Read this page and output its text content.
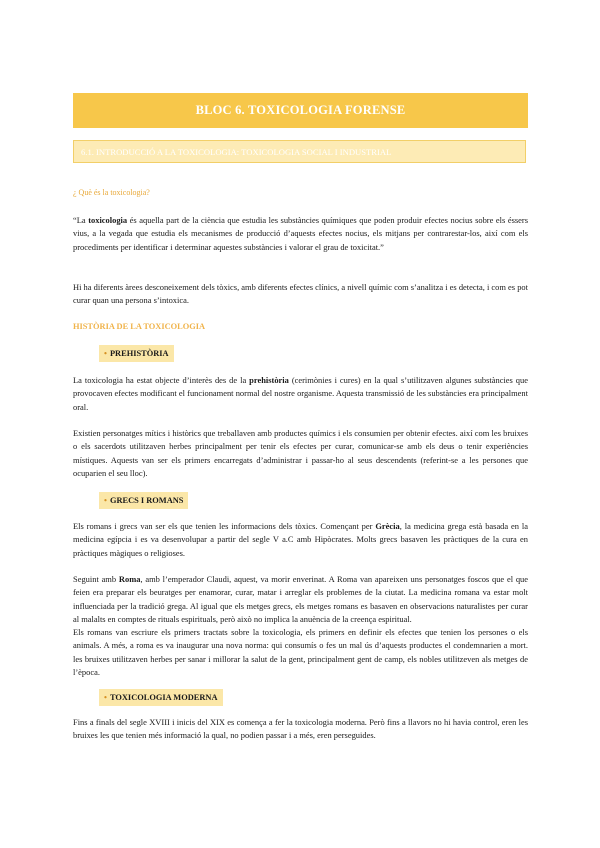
BLOC 6. TOXICOLOGIA FORENSE
6.1. INTRODUCCIÓ A LA TOXICOLOGIA: TOXICOLOGIA SOCIAL I INDUSTRIAL
¿ Què és la toxicologia?

“La toxicologia és aquella part de la ciència que estudia les substàncies químiques que poden produir efectes nocius sobre els éssers vius, a la vegada que estudia els mecanismes de producció d’aquests efectes nocius, els mitjans per contrarestar-los, així com els procediments per identificar i determinar aquestes substàncies i valorar el grau de toxicitat.”

Hi ha diferents àrees desconeixement dels tòxics, amb diferents efectes clínics, a nivell químic com s’analitza i es detecta, i com es pot curar quan una persona s’intoxica.

HISTÒRIA DE LA TOXICOLOGIA
• PREHISTÒRIA

La toxicologia ha estat objecte d’interès des de la prehistòria (cerimònies i cures) en la qual s’utilitzaven algunes substàncies que provocaven efectes modificant el funcionament normal del nostre organisme. Aquesta transmissió de les substàncies era principalment oral.

Existien personatges mítics i històrics que treballaven amb productes químics i els consumien per obtenir efectes. així com les bruixes o els sacerdots utilitzaven herbes principalment per tenir els efectes per curar, comunicar-se amb els deus o tenir experiències místiques. Aquests van ser els primers encarregats d’administrar i passar-ho al seus descendents (referint-se a les persones que ocuparien el seu lloc).

• GRECS I ROMANS

Els romans i grecs van ser els que tenien les informacions dels tòxics. Començant per Grècia, la medicina grega està basada en la medicina egípcia i es va desenvolupar a partir del segle V a.C amb Hipòcrates. Molts grecs basaven les pràctiques de la cura en pràctiques màgiques o religioses.

Seguint amb Roma, amb l’emperador Claudi, aquest, va morir enverinat. A Roma van apareixen uns personatges foscos que el que feien era preparar els beuratges per enamorar, curar, matar i arreglar els problemes de la ciutat. La medicina romana va estar molt influenciada per la tradició grega. Al igual que els metges grecs, els metges romans es basaven en observacions naturalistes per curar al malalts en comptes de rituals espirituals, però això no implica la anuència de la creença espiritual.

Els romans van escriure els primers tractats sobre la toxicologia, els primers en definir els efectes que tenien los persones o els animals. A més, a roma es va inaugurar una nova norma: qui consumís o fes un mal ús d’aquests productes el condemnarien a mort. les bruixes utilitzaven herbes per sanar i millorar la salut de la gent, principalment gent de camp, els nobles utilitzeven als metges de l’època.

• TOXICOLOGIA MODERNA

Fins a finals del segle XVIII i inicis del XIX es comença a fer la toxicologia moderna. Però fins a llavors no hi havia control, eren les bruixes les que tenien més informació la qual, no podien passar i a més, eren perseguides.
